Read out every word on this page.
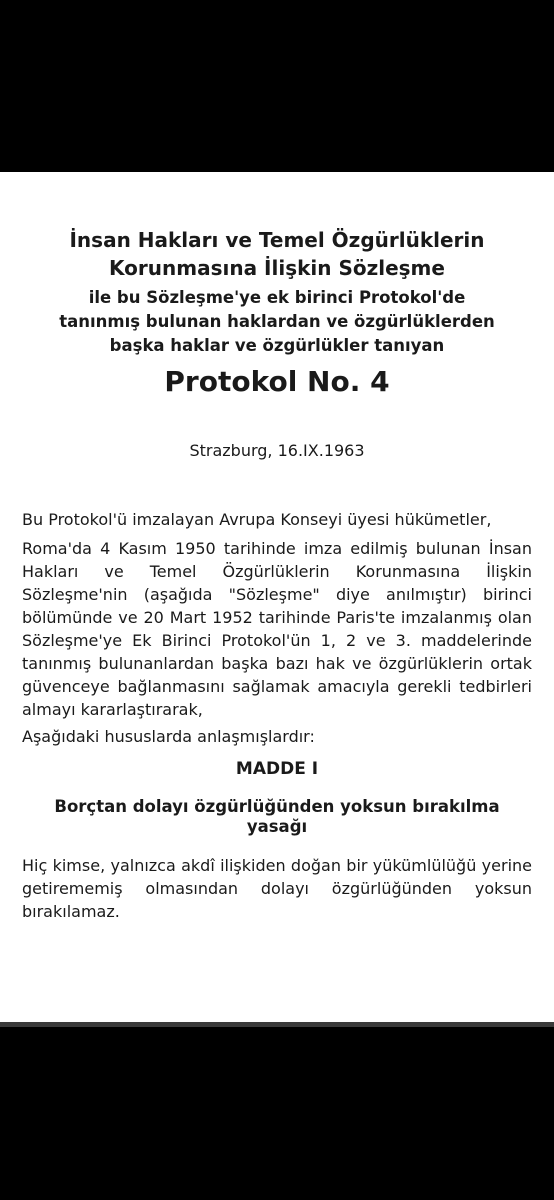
İnsan Hakları ve Temel Özgürlüklerin

Korunmasına İlişkin Sözleşme

ile bu Sözleşme'ye ek birinci Protokol'de

tanınmış bulunan haklardan ve özgürlüklerden

başka haklar ve özgürlükler tanıyan

Protokol No. 4

Strazburg, 16.IX.1963

Bu Protokol'ü imzalayan Avrupa Konseyi üyesi hükümetler,

Roma'da 4 Kasım 1950 tarihinde imza edilmiş bulunan İnsan Hakları ve Temel Özgürlüklerin Korunmasına İlişkin Sözleşme'nin (aşağıda "Sözleşme" diye anılmıştır) birinci bölümünde ve 20 Mart 1952 tarihinde Paris'te imzalanmış olan Sözleşme'ye Ek Birinci Protokol'ün 1, 2 ve 3. maddelerinde tanınmış bulunanlardan başka bazı hak ve özgürlüklerin ortak güvenceye bağlanmasını sağlamak amacıyla gerekli tedbirleri almayı kararlaştırarak,

Aşağıdaki hususlarda anlaşmışlardır:

MADDE I

Borçtan dolayı özgürlüğünden yoksun bırakılma yasağı

Hiç kimse, yalnızca akdî ilişkiden doğan bir yükümlülüğü yerine getirememiş olmasından dolayı özgürlüğünden yoksun bırakılamaz.
